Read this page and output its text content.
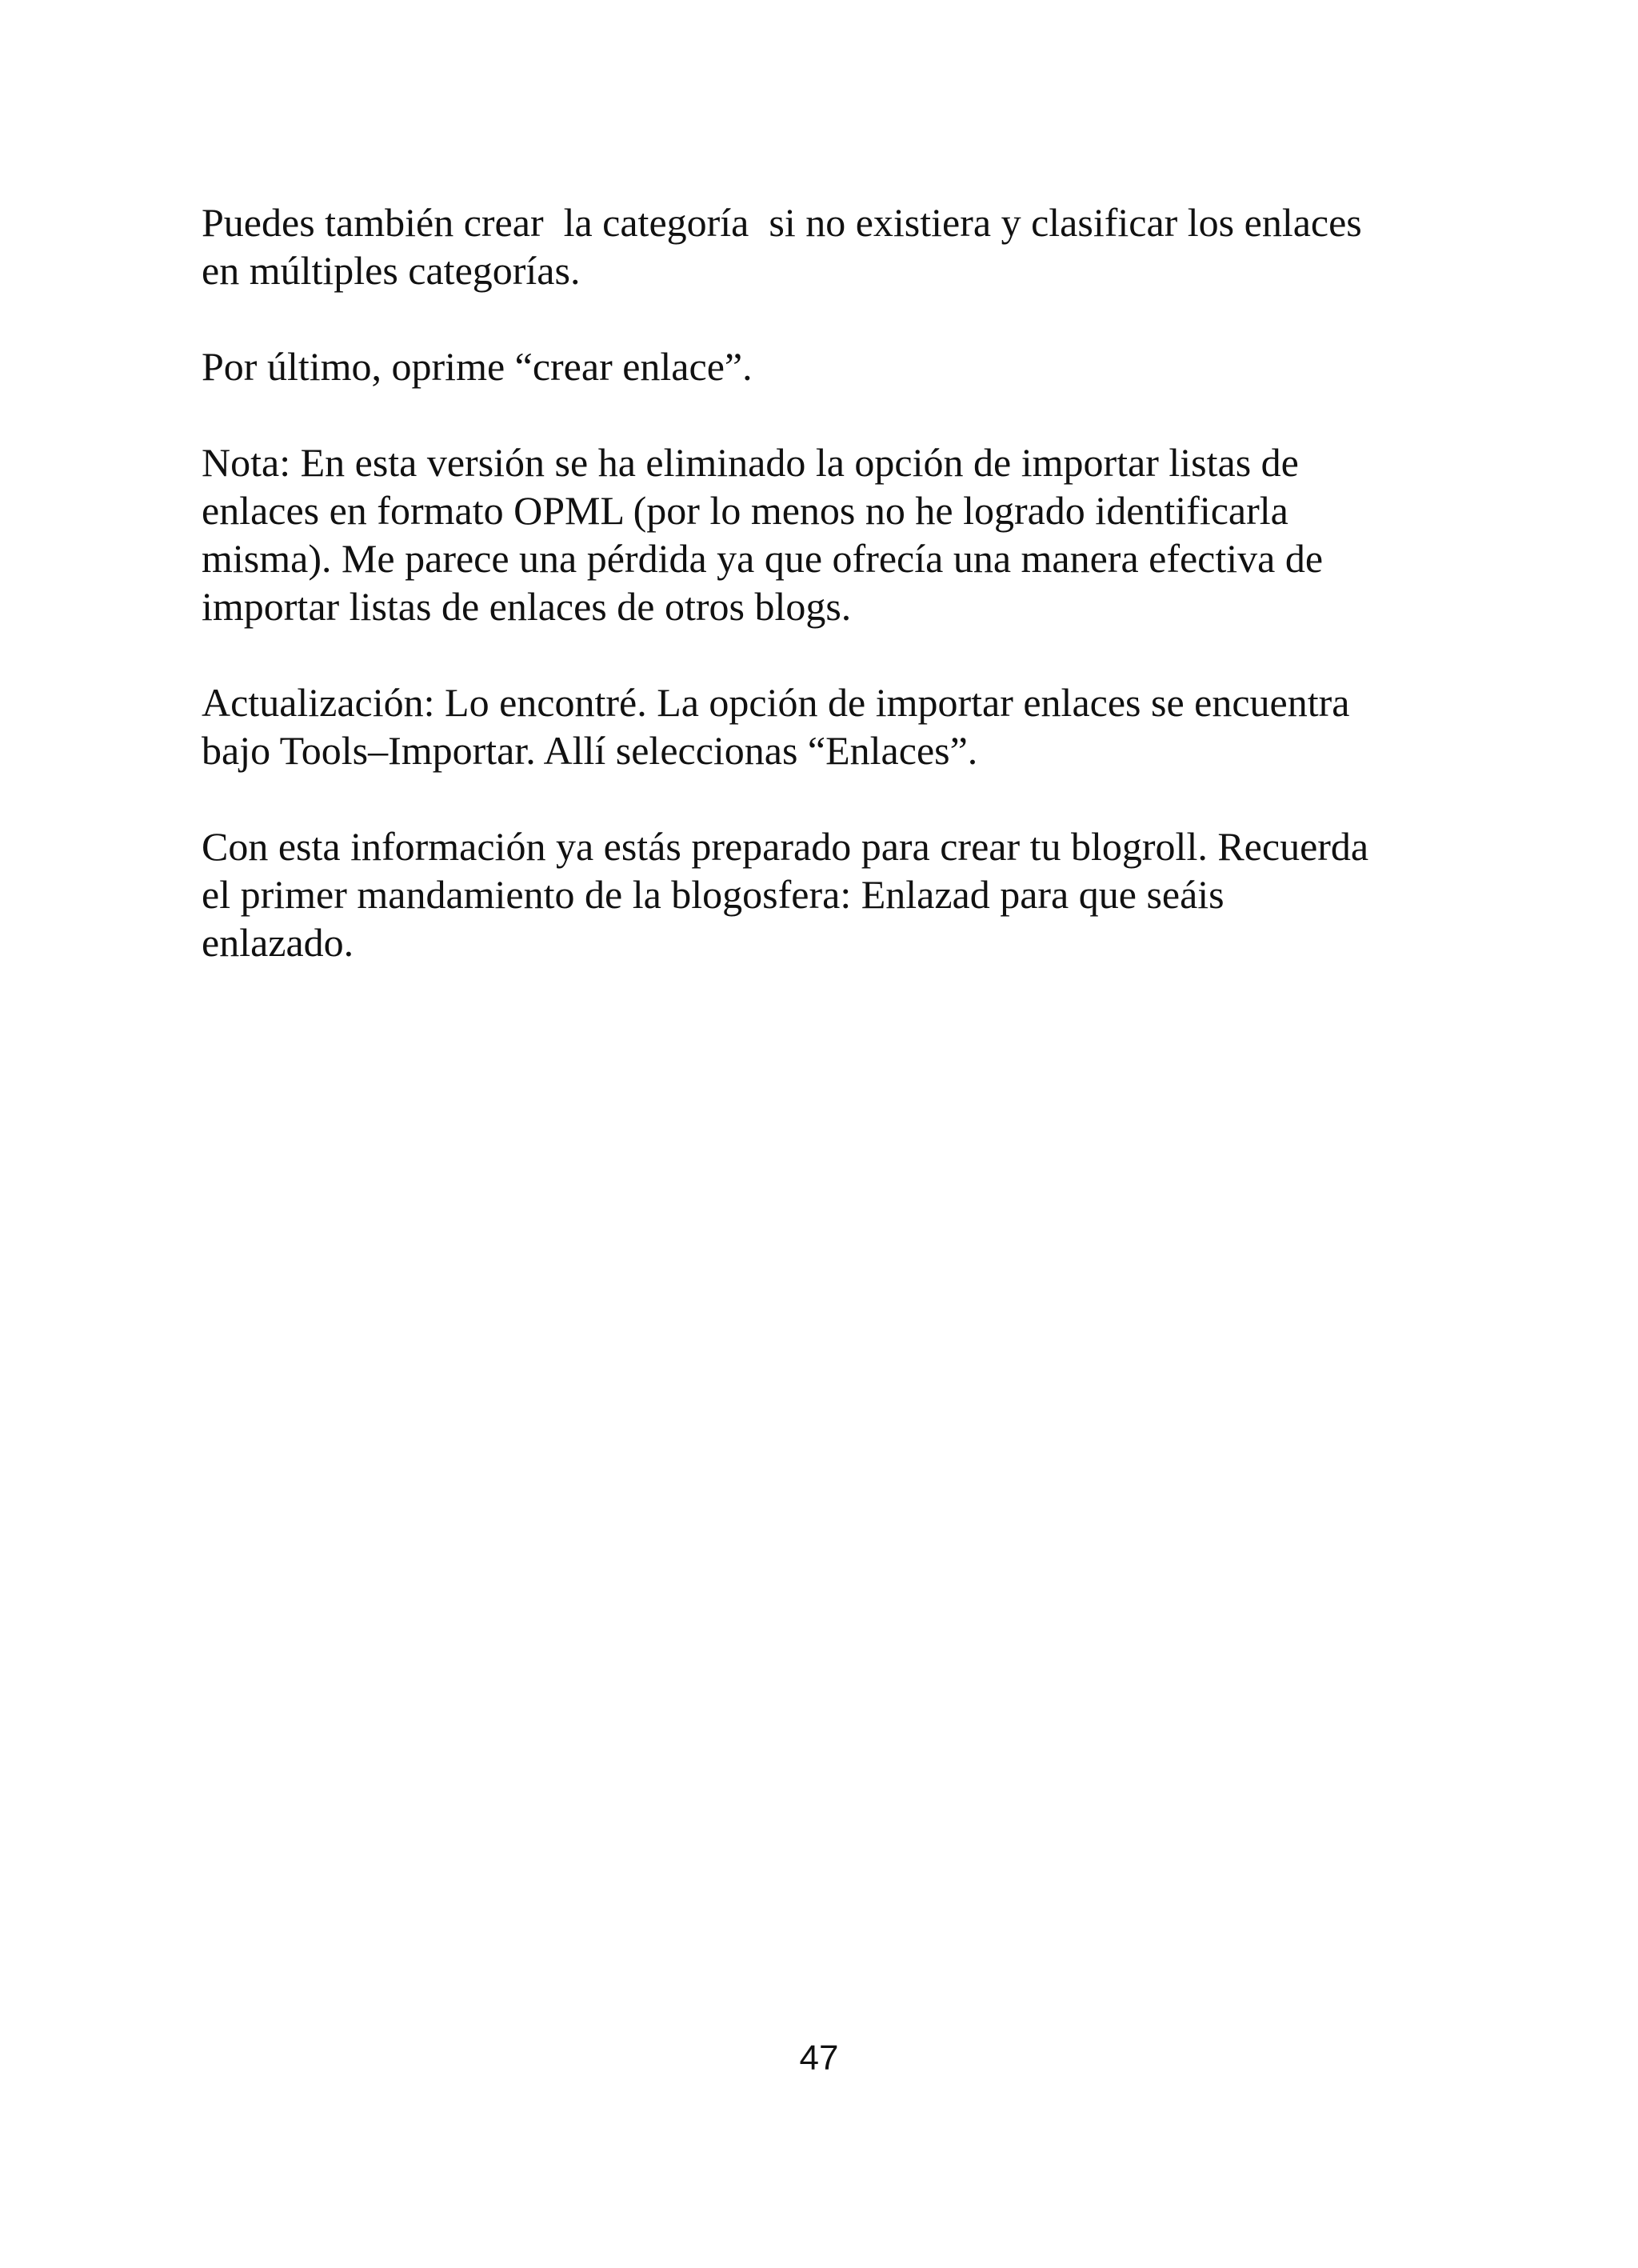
Puedes también crear  la categoría  si no existiera y clasificar los enlaces
en múltiples categorías.

Por último, oprime “crear enlace”.

Nota: En esta versión se ha eliminado la opción de importar listas de
enlaces en formato OPML (por lo menos no he logrado identificarla
misma). Me parece una pérdida ya que ofrecía una manera efectiva de
importar listas de enlaces de otros blogs.

Actualización: Lo encontré. La opción de importar enlaces se encuentra
bajo Tools–Importar. Allí seleccionas “Enlaces”.

Con esta información ya estás preparado para crear tu blogroll. Recuerda
el primer mandamiento de la blogosfera: Enlazad para que seáis
enlazado.

47
